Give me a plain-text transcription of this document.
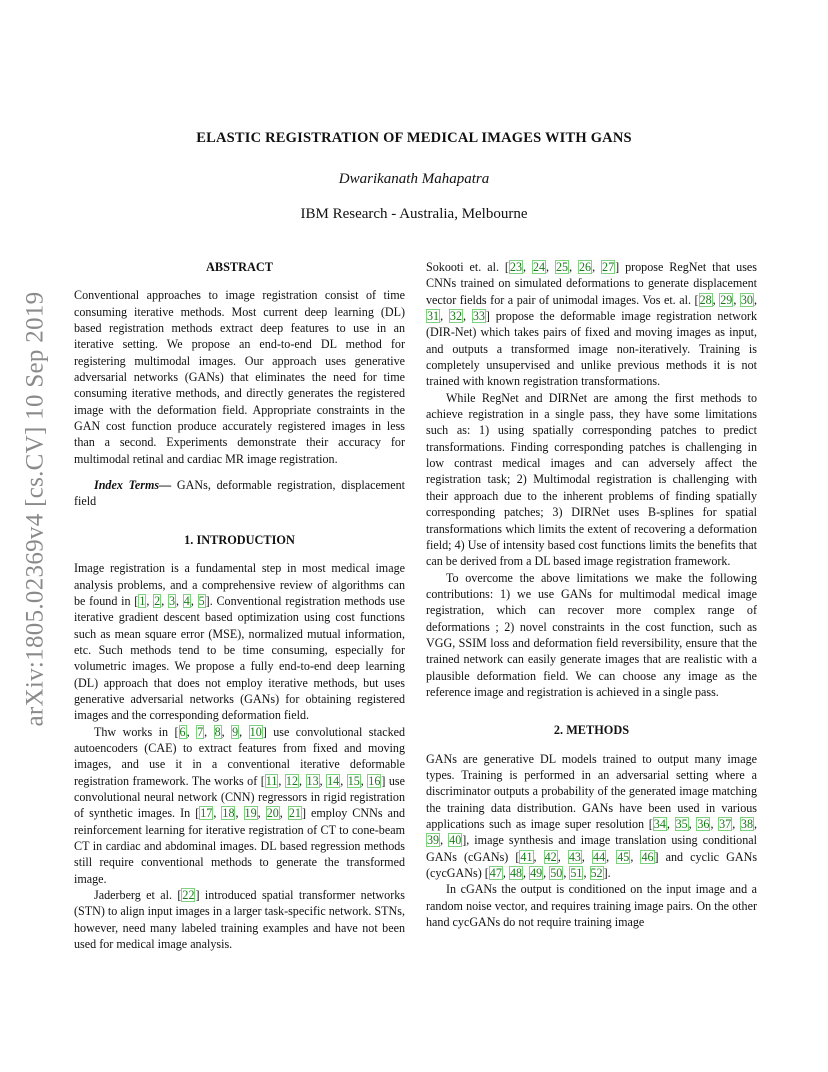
arXiv:1805.02369v4 [cs.CV] 10 Sep 2019
ELASTIC REGISTRATION OF MEDICAL IMAGES WITH GANS
Dwarikanath Mahapatra
IBM Research - Australia, Melbourne
ABSTRACT

Conventional approaches to image registration consist of time consuming iterative methods. Most current deep learning (DL) based registration methods extract deep features to use in an iterative setting. We propose an end-to-end DL method for registering multimodal images. Our approach uses generative adversarial networks (GANs) that eliminates the need for time consuming iterative methods, and directly generates the registered image with the deformation field. Appropriate constraints in the GAN cost function produce accurately registered images in less than a second. Experiments demonstrate their accuracy for multimodal retinal and cardiac MR image registration.

Index Terms— GANs, deformable registration, displacement field

1. INTRODUCTION

Image registration is a fundamental step in most medical image analysis problems, and a comprehensive review of algorithms can be found in [1, 2, 3, 4, 5]. Conventional registration methods use iterative gradient descent based optimization using cost functions such as mean square error (MSE), normalized mutual information, etc. Such methods tend to be time consuming, especially for volumetric images. We propose a fully end-to-end deep learning (DL) approach that does not employ iterative methods, but uses generative adversarial networks (GANs) for obtaining registered images and the corresponding deformation field.

Thw works in [6, 7, 8, 9, 10] use convolutional stacked autoencoders (CAE) to extract features from fixed and moving images, and use it in a conventional iterative deformable registration framework. The works of [11, 12, 13, 14, 15, 16] use convolutional neural network (CNN) regressors in rigid registration of synthetic images. In [17, 18, 19, 20, 21] employ CNNs and reinforcement learning for iterative registration of CT to cone-beam CT in cardiac and abdominal images. DL based regression methods still require conventional methods to generate the transformed image.

Jaderberg et al. [22] introduced spatial transformer networks (STN) to align input images in a larger task-specific network. STNs, however, need many labeled training examples and have not been used for medical image analysis.

Sokooti et. al. [23, 24, 25, 26, 27] propose RegNet that uses CNNs trained on simulated deformations to generate displacement vector fields for a pair of unimodal images. Vos et. al. [28, 29, 30, 31, 32, 33] propose the deformable image registration network (DIR-Net) which takes pairs of fixed and moving images as input, and outputs a transformed image non-iteratively. Training is completely unsupervised and unlike previous methods it is not trained with known registration transformations.

While RegNet and DIRNet are among the first methods to achieve registration in a single pass, they have some limitations such as: 1) using spatially corresponding patches to predict transformations. Finding corresponding patches is challenging in low contrast medical images and can adversely affect the registration task; 2) Multimodal registration is challenging with their approach due to the inherent problems of finding spatially corresponding patches; 3) DIRNet uses B-splines for spatial transformations which limits the extent of recovering a deformation field; 4) Use of intensity based cost functions limits the benefits that can be derived from a DL based image registration framework.

To overcome the above limitations we make the following contributions: 1) we use GANs for multimodal medical image registration, which can recover more complex range of deformations ; 2) novel constraints in the cost function, such as VGG, SSIM loss and deformation field reversibility, ensure that the trained network can easily generate images that are realistic with a plausible deformation field. We can choose any image as the reference image and registration is achieved in a single pass.

2. METHODS

GANs are generative DL models trained to output many image types. Training is performed in an adversarial setting where a discriminator outputs a probability of the generated image matching the training data distribution. GANs have been used in various applications such as image super resolution [34, 35, 36, 37, 38, 39, 40], image synthesis and image translation using conditional GANs (cGANs) [41, 42, 43, 44, 45, 46] and cyclic GANs (cycGANs) [47, 48, 49, 50, 51, 52].

In cGANs the output is conditioned on the input image and a random noise vector, and requires training image pairs. On the other hand cycGANs do not require training image
